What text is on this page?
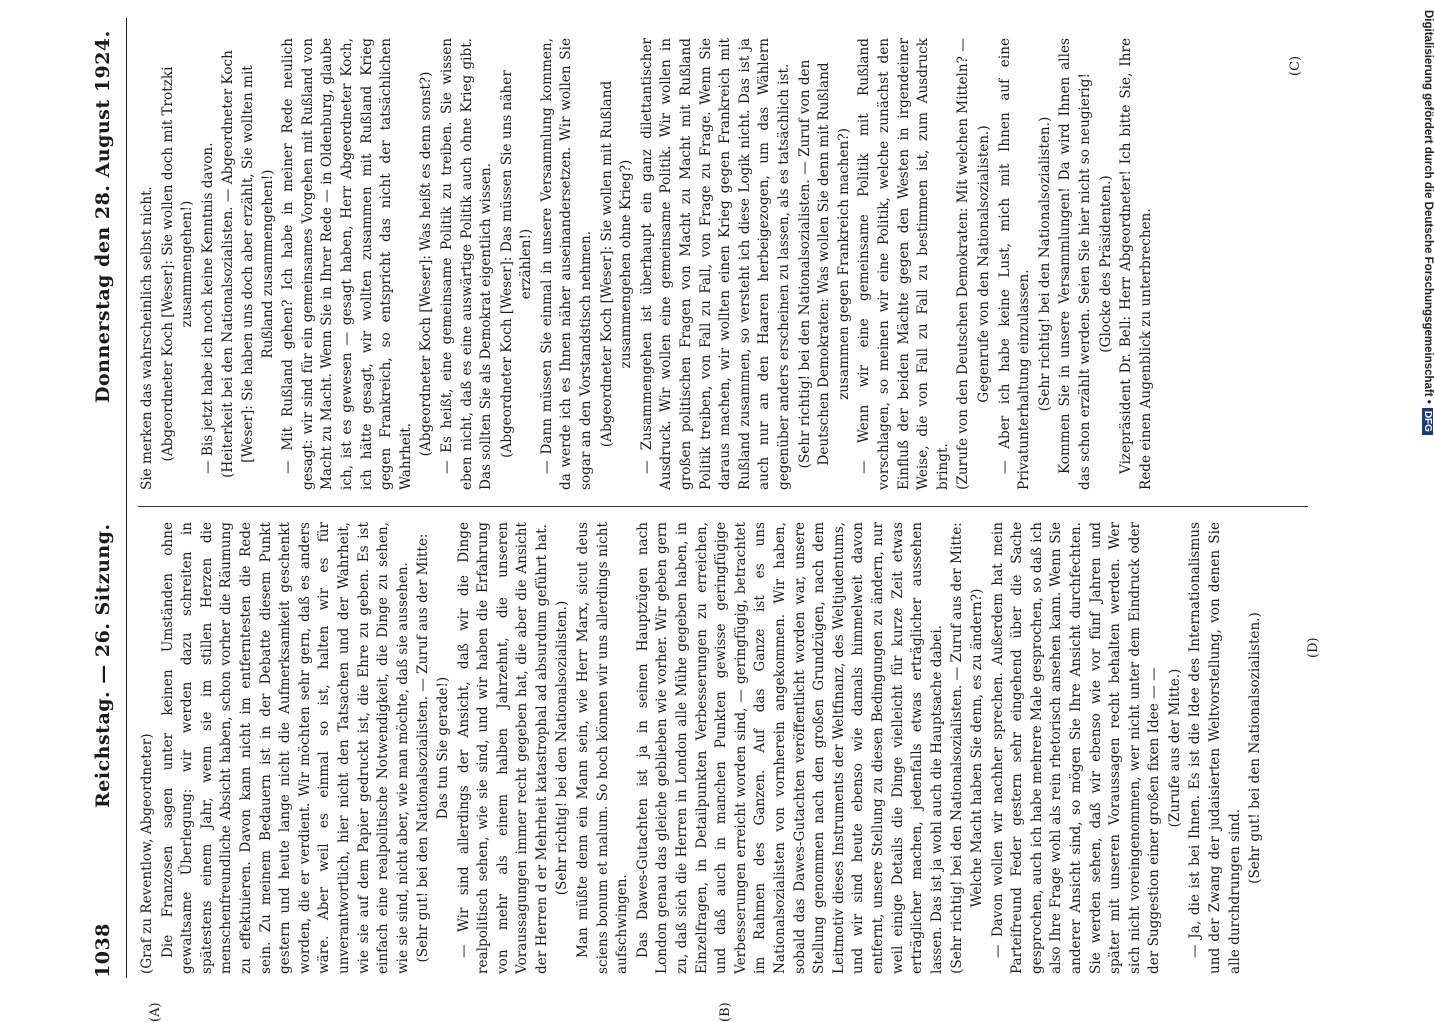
1038
Reichstag. — 26. Sitzung.
Donnerstag den 28. August 1924.

(Graf zu Reventlow, Abgeordneter) Die Franzosen sagen unter keinen Umständen ohne gewaltsame Überlegung: wir werden dazu schreiten in spätestens einem Jahr, wenn sie im stillen Herzen die menschenfreundliche Absicht haben, schon vorher die Räumung zu effektuieren. Davon kann nicht im entferntesten die Rede sein. Zu meinem Bedauern ist in der Debatte diesem Punkt gestern und heute lange nicht die Aufmerksamkeit geschenkt worden, die er verdient. Wir möchten sehr gern, daß es anders wäre. Aber weil es einmal so ist, halten wir es für unverantwortlich, hier nicht den Tatsachen und der Wahrheit, wie sie auf dem Papier gedruckt ist, die Ehre zu geben. Es ist einfach eine realpolitische Notwendigkeit, die Dinge zu sehen, wie sie sind, nicht aber, wie man möchte, daß sie aussehen. (Sehr gut! bei den Nationalsozialisten. — Zuruf aus der Mitte: Das tun Sie gerade!) — Wir sind allerdings der Ansicht, daß wir die Dinge realpolitisch sehen, wie sie sind, und wir haben die Erfahrung von mehr als einem halben Jahrzehnt, die unseren Voraussagungen immer recht gegeben hat, die aber die Ansicht der Herren d er Mehrheit katastrophal ad absurdum geführt hat. (Sehr richtig! bei den Nationalsozialisten.) Man müßte denn ein Mann sein, wie Herr Marx, sicut deus sciens bonum et malum. So hoch können wir uns allerdings nicht aufschwingen. Das Dawes-Gutachten ist ja in seinen Hauptzügen nach London genau das gleiche geblieben wie vorher. Wir geben gern zu, daß sich die Herren in London alle Mühe gegeben haben, in Einzelfragen, in Detailpunkten Verbesserungen zu erreichen, und daß auch in manchen Punkten gewisse geringfügige Verbesserungen erreicht worden sind, — geringfügig, betrachtet im Rahmen des Ganzen. Auf das Ganze ist es uns Nationalsozialisten von vornherein angekommen. Wir haben, sobald das Dawes-Gutachten veröffentlicht worden war, unsere Stellung genommen nach den großen Grundzügen, nach dem Leitmotiv dieses Instruments der Weltfinanz, des Weltjudentums, und wir sind heute ebenso wie damals himmelweit davon entfernt, unsere Stellung zu diesen Bedingungen zu ändern, nur weil einige Details die Dinge vielleicht für kurze Zeit etwas erträglicher machen, jedenfalls etwas erträglicher aussehen lassen. Das ist ja wohl auch die Hauptsache dabei. (Sehr richtig! bei den Nationalsozialisten. — Zuruf aus der Mitte: Welche Macht haben Sie denn, es zu ändern?) — Davon wollen wir nachher sprechen. Außerdem hat mein Parteifreund Feder gestern sehr eingehend über die Sache gesprochen, auch ich habe mehrere Male gesprochen, so daß ich also Ihre Frage wohl als rein rhetorisch ansehen kann. Wenn Sie anderer Ansicht sind, so mögen Sie Ihre Ansicht durchfechten. Sie werden sehen, daß wir ebenso wie vor fünf Jahren und später mit unseren Voraussagen recht behalten werden. Wer sich nicht voreingenommen, wer nicht unter dem Eindruck oder der Suggestion einer großen fixen Idee — — (Zurufe aus der Mitte.) — Ja, die ist bei Ihnen. Es ist die Idee des Internationalismus und der Zwang der judaisierten Weltvorstellung, von denen Sie alle durchdrungen sind.

(Sehr gut! bei den Nationalsozialisten.)

Sie merken das wahrscheinlich selbst nicht. (Abgeordneter Koch [Weser]: Sie wollen doch mit Trotzki zusammengehen!) — Bis jetzt habe ich noch keine Kenntnis davon. (Heiterkeit bei den Nationalsozialisten. — Abgeordneter Koch [Weser]: Sie haben uns doch aber erzählt, Sie wollten mit Rußland zusammengehen!) — Mit Rußland gehen? Ich habe in meiner Rede neulich gesagt: wir sind für ein gemeinsames Vorgehen mit Rußland von Macht zu Macht. Wenn Sie in Ihrer Rede — in Oldenburg, glaube ich, ist es gewesen — gesagt haben, Herr Abgeordneter Koch, ich hätte gesagt, wir wollten zusammen mit Rußland Krieg gegen Frankreich, so entspricht das nicht der tatsächlichen Wahrheit.

(Abgeordneter Koch [Weser]: Was heißt es denn sonst?) — Es heißt, eine gemeinsame Politik zu treiben. Sie wissen eben nicht, daß es eine auswärtige Politik auch ohne Krieg gibt. Das sollten Sie als Demokrat eigentlich wissen. (Abgeordneter Koch [Weser]: Das müssen Sie uns näher erzählen!) — Dann müssen Sie einmal in unsere Versammlung kommen, da werde ich es Ihnen näher auseinandersetzen. Wir wollen Sie sogar an den Vorstandstisch nehmen. (Abgeordneter Koch [Weser]: Sie wollen mit Rußland zusammengehen ohne Krieg?) — Zusammengehen ist überhaupt ein ganz dilettantischer Ausdruck. Wir wollen eine gemeinsame Politik. Wir wollen in großen politischen Fragen von Macht zu Macht mit Rußland Politik treiben, von Fall zu Fall, von Frage zu Frage. Wenn Sie daraus machen, wir wollten einen Krieg gegen Frankreich mit Rußland zusammen, so versteht ich diese Logik nicht. Das ist ja auch nur an den Haaren herbeigezogen, um das Wählern gegenüber anders erscheinen zu lassen, als es tatsächlich ist. (Sehr richtig! bei den Nationalsozialisten. — Zuruf von den Deutschen Demokraten: Was wollen Sie denn mit Rußland zusammen gegen Frankreich machen?) — Wenn wir eine gemeinsame Politik mit Rußland vorschlagen, so meinen wir eine Politik, welche zunächst den Einfluß der beiden Mächte gegen den Westen in irgendeiner Weise, die von Fall zu Fall zu bestimmen ist, zum Ausdruck bringt. (Zurufe von den Deutschen Demokraten: Mit welchen Mitteln? — Gegenrufe von den Nationalsozialisten.) — Aber ich habe keine Lust, mich mit Ihnen auf eine Privatunterhaltung einzulassen. (Sehr richtig! bei den Nationalsozialisten.) Kommen Sie in unsere Versammlungen! Da wird Ihnen alles das schon erzählt werden. Seien Sie hier nicht so neugierig! (Glocke des Präsidenten.) Vizepräsident Dr. Bell: Herr Abgeordneter! Ich bitte Sie, Ihre Rede einen Augenblick zu unterbrechen.

(A)	(B)
(C)
(D)
Digitalisierung gefördert durch die Deutsche Forschungsgemeinschaft •DFG
